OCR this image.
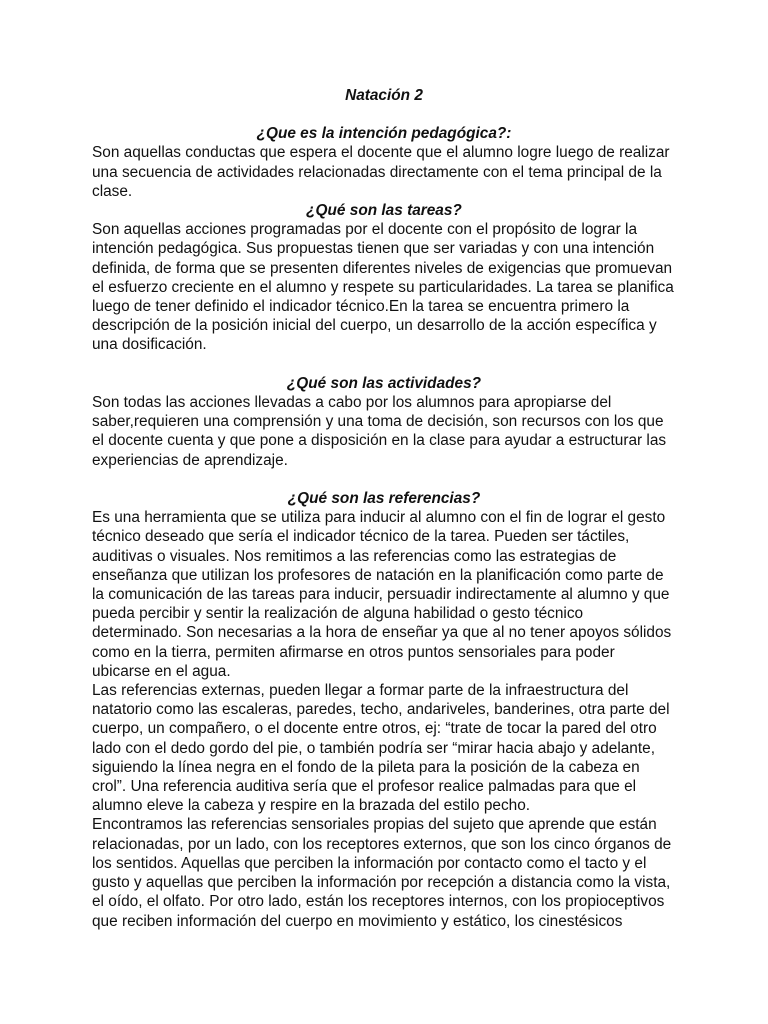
Natación 2

¿Que es la intención pedagógica?:

Son aquellas conductas que espera el docente que el alumno logre luego de realizar una secuencia de actividades relacionadas directamente con el tema principal de la clase.

¿Qué son las tareas?

Son aquellas acciones programadas por el docente con el propósito de lograr la intención pedagógica. Sus propuestas tienen que ser variadas y con una intención definida, de forma que se presenten diferentes niveles de exigencias que promuevan el esfuerzo creciente en el alumno y respete su particularidades. La tarea se planifica luego de tener definido el indicador técnico.En la tarea se encuentra primero la descripción de la posición inicial del cuerpo, un desarrollo de la acción específica y una dosificación.

¿Qué son las actividades?

Son todas las acciones llevadas a cabo por los alumnos para apropiarse del saber,requieren una comprensión y una toma de decisión, son recursos con los que el docente cuenta y que pone a disposición en la clase para ayudar a estructurar las experiencias de aprendizaje.

¿Qué son las referencias?

Es una herramienta que se utiliza para inducir al alumno con el fin de lograr el gesto técnico deseado que sería el indicador técnico de la tarea. Pueden ser táctiles, auditivas o visuales. Nos remitimos a las referencias como las estrategias de enseñanza que utilizan los profesores de natación en la planificación como parte de la comunicación de las tareas para inducir, persuadir indirectamente al alumno y que pueda percibir y sentir la realización de alguna habilidad o gesto técnico determinado. Son necesarias a la hora de enseñar ya que al no tener apoyos sólidos como en la tierra, permiten afirmarse en otros puntos sensoriales para poder ubicarse en el agua.

Las referencias externas, pueden llegar a formar parte de la infraestructura del natatorio como las escaleras, paredes, techo, andariveles, banderines, otra parte del cuerpo, un compañero, o el docente entre otros, ej: “trate de tocar la pared del otro lado con el dedo gordo del pie, o también podría ser “mirar hacia abajo y adelante, siguiendo la línea negra en el fondo de la pileta para la posición de la cabeza en crol”. Una referencia auditiva sería que el profesor realice palmadas para que el alumno eleve la cabeza y respire en la brazada del estilo pecho.

Encontramos las referencias sensoriales propias del sujeto que aprende que están relacionadas, por un lado, con los receptores externos, que son los cinco órganos de los sentidos. Aquellas que perciben la información por contacto como el tacto y el gusto y aquellas que perciben la información por recepción a distancia como la vista, el oído, el olfato. Por otro lado, están los receptores internos, con los propioceptivos que reciben información del cuerpo en movimiento y estático, los cinestésicos
